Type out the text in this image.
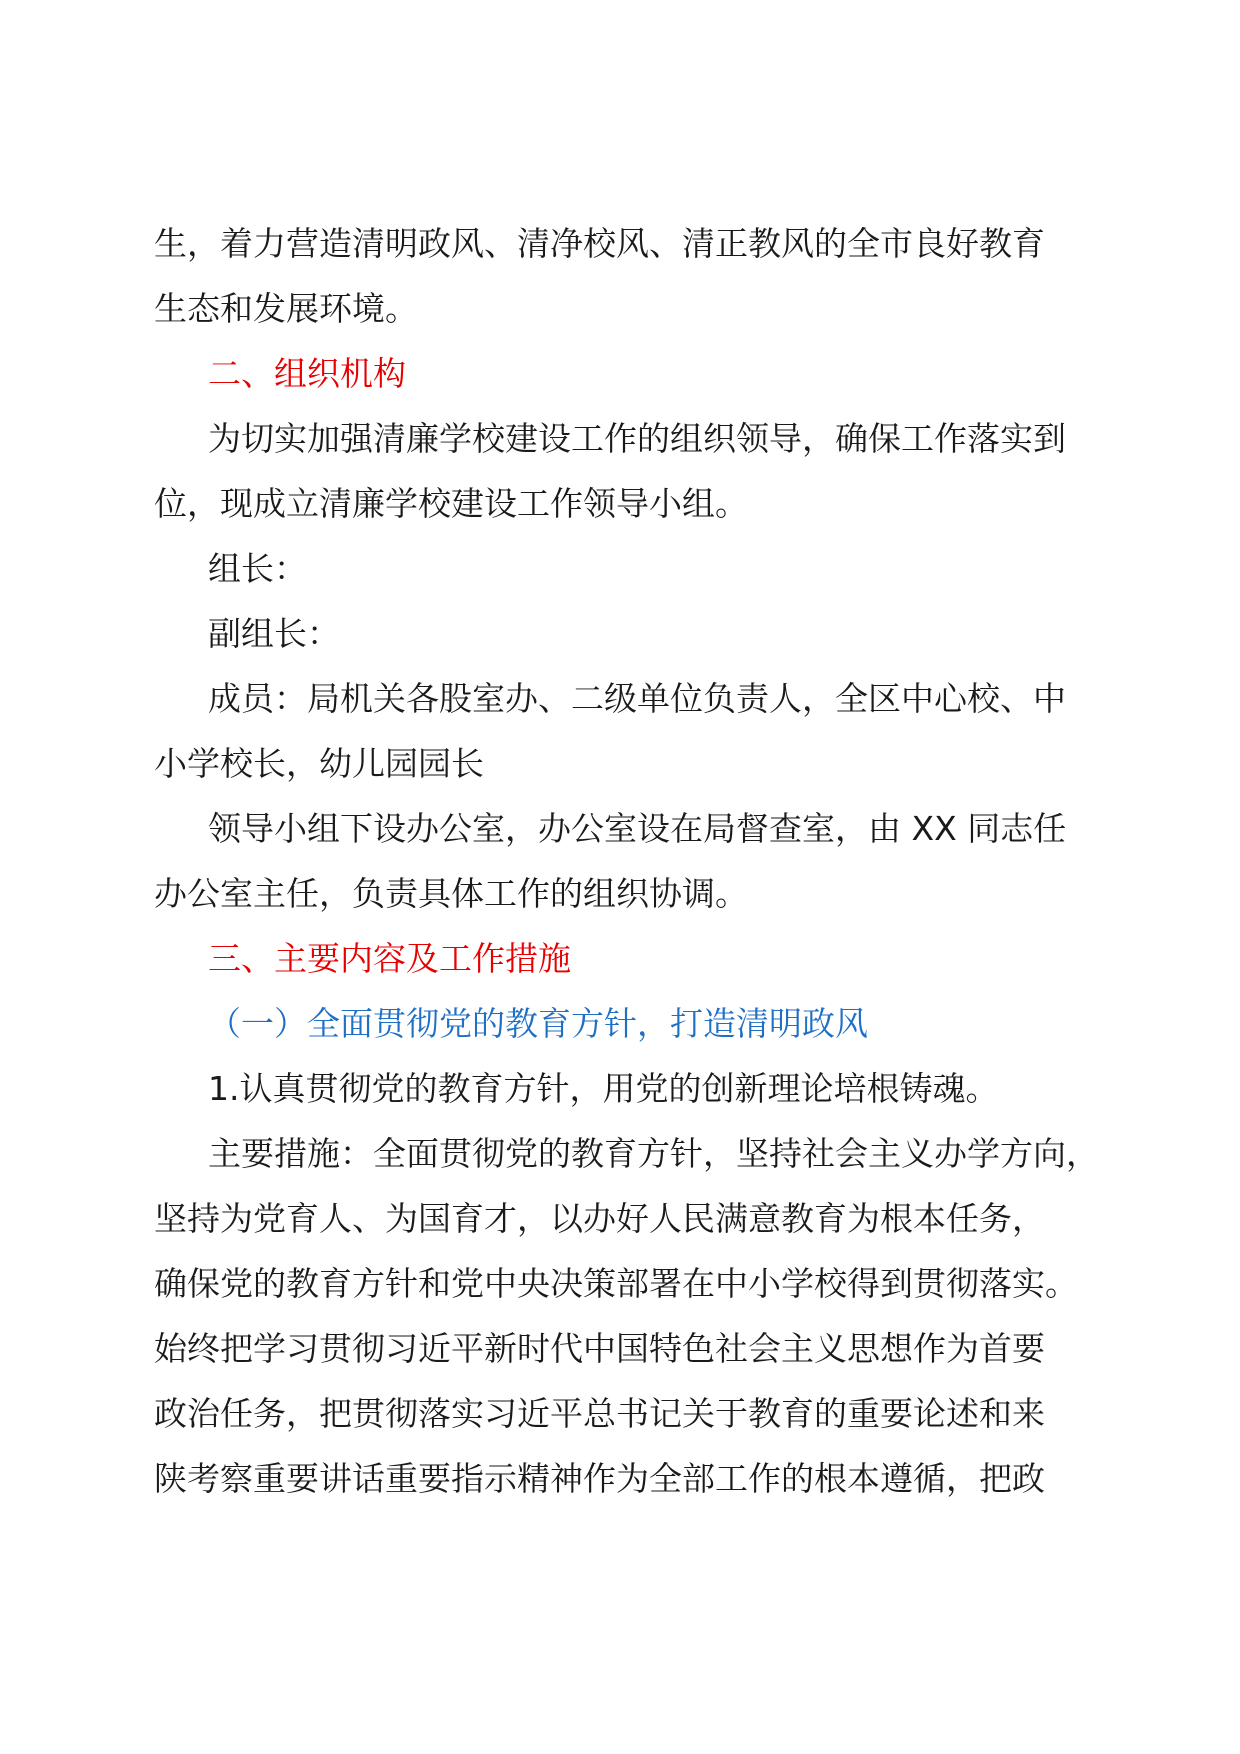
生，着力营造清明政风、清净校风、清正教风的全市良好教育
生态和发展环境。
二、组织机构
为切实加强清廉学校建设工作的组织领导，确保工作落实到
位，现成立清廉学校建设工作领导小组。
组长：
副组长：
成员：局机关各股室办、二级单位负责人，全区中心校、中
小学校长，幼儿园园长
领导小组下设办公室，办公室设在局督查室，由 XX 同志任
办公室主任，负责具体工作的组织协调。
三、主要内容及工作措施
（一）全面贯彻党的教育方针，打造清明政风
1.认真贯彻党的教育方针，用党的创新理论培根铸魂。
主要措施：全面贯彻党的教育方针，坚持社会主义办学方向，
坚持为党育人、为国育才，以办好人民满意教育为根本任务，
确保党的教育方针和党中央决策部署在中小学校得到贯彻落实。
始终把学习贯彻习近平新时代中国特色社会主义思想作为首要
政治任务，把贯彻落实习近平总书记关于教育的重要论述和来
陕考察重要讲话重要指示精神作为全部工作的根本遵循，把政
